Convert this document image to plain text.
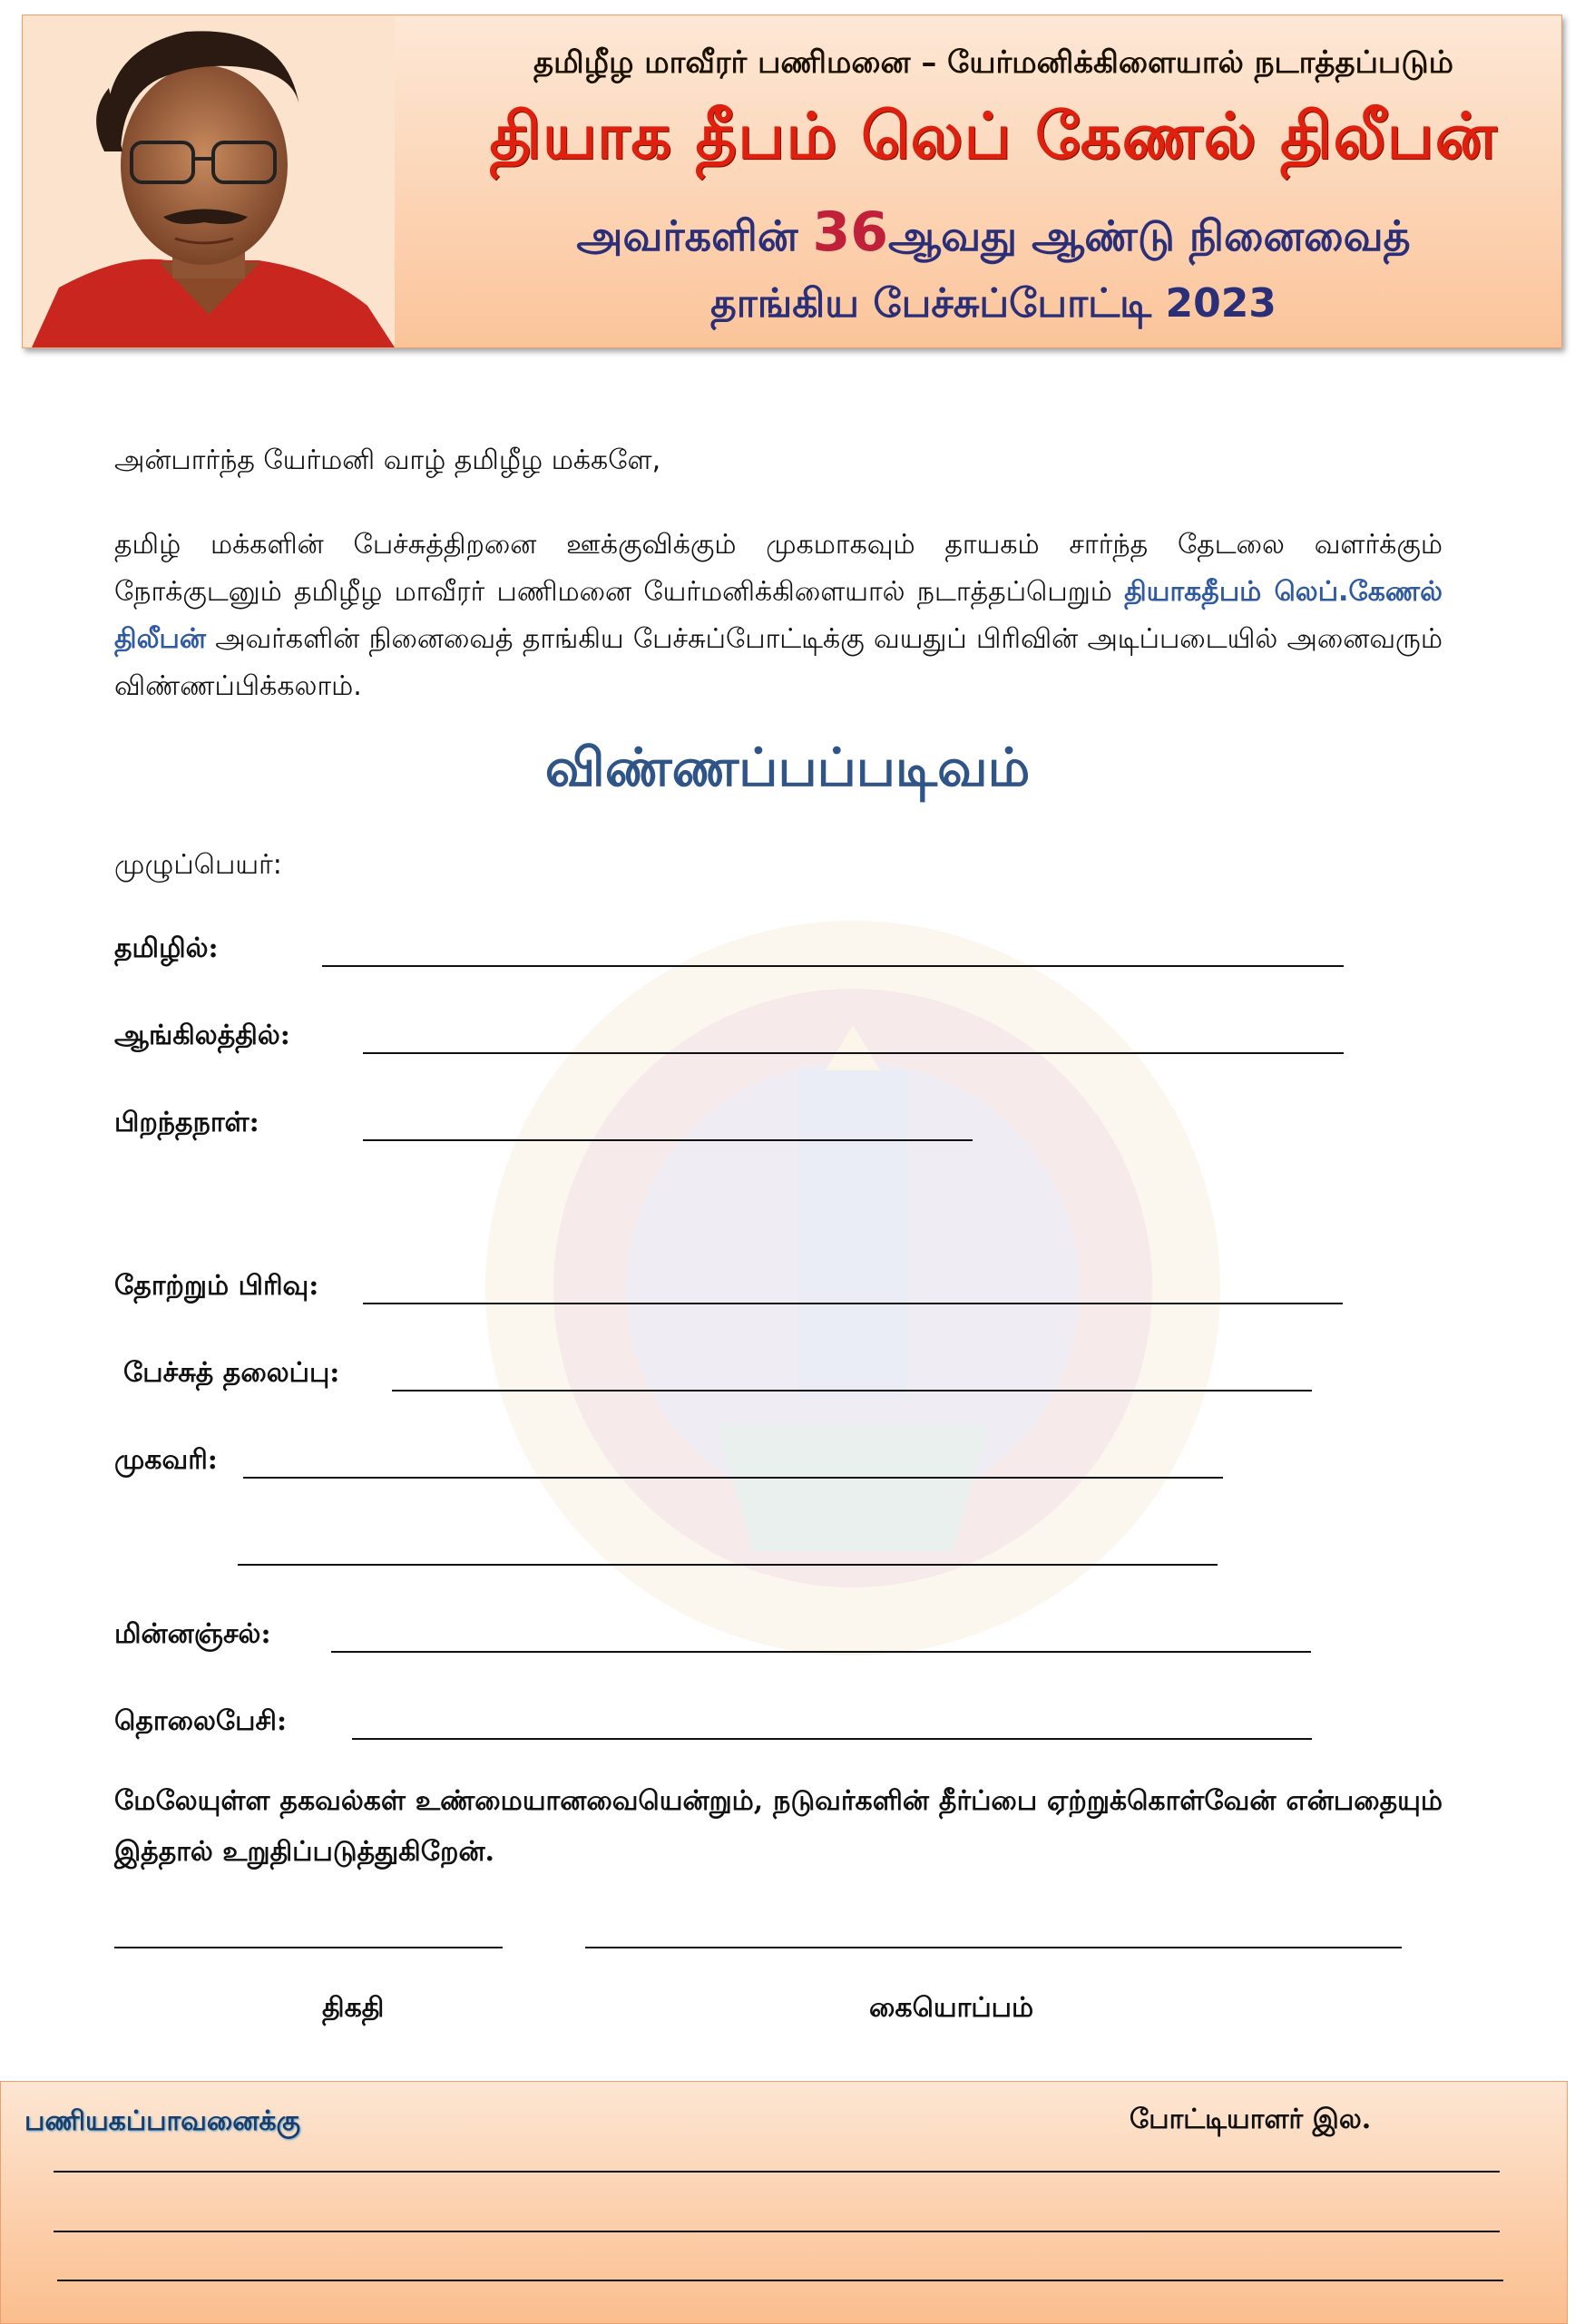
தமிழீழ மாவீரர் பணிமனை – யேர்மனிக்கிளையால் நடாத்தப்படும்
தியாக தீபம் லெப் கேணல் திலீபன்
அவர்களின் 36ஆவது ஆண்டு நினைவைத்
தாங்கிய பேச்சுப்போட்டி 2023
அன்பார்ந்த யேர்மனி வாழ் தமிழீழ மக்களே,
தமிழ் மக்களின் பேச்சுத்திறனை ஊக்குவிக்கும் முகமாகவும் தாயகம் சார்ந்த தேடலை வளர்க்கும் நோக்குடனும் தமிழீழ மாவீரர் பணிமனை யேர்மனிக்கிளையால் நடாத்தப்பெறும் தியாகதீபம் லெப்.கேணல் திலீபன் அவர்களின் நினைவைத் தாங்கிய பேச்சுப்போட்டிக்கு வயதுப் பிரிவின் அடிப்படையில் அனைவரும் விண்ணப்பிக்கலாம்.
விண்ணப்பப்படிவம்
முழுப்பெயர்:
தமிழில்:
ஆங்கிலத்தில்:
பிறந்தநாள்:
தோற்றும் பிரிவு:
பேச்சுத் தலைப்பு:
முகவரி:
மின்னஞ்சல்:
தொலைபேசி:
மேலேயுள்ள தகவல்கள் உண்மையானவையென்றும், நடுவர்களின் தீர்ப்பை ஏற்றுக்கொள்வேன் என்பதையும் இத்தால் உறுதிப்படுத்துகிறேன்.
திகதி	கையொப்பம்
பணியகப்பாவனைக்கு	போட்டியாளர் இல.
